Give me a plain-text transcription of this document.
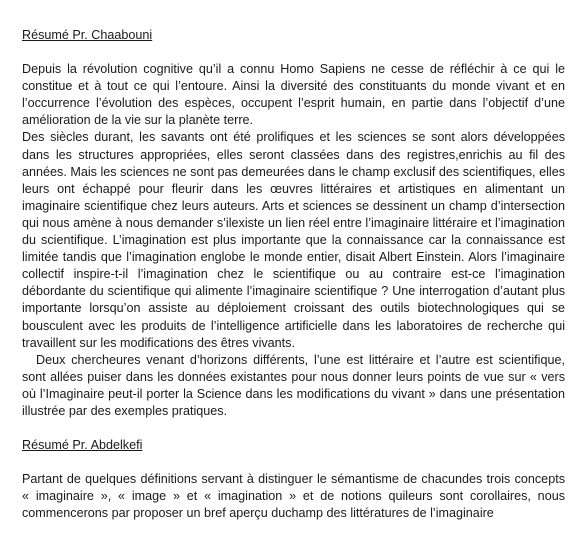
Résumé Pr. Chaabouni

Depuis la révolution cognitive qu’il a connu Homo Sapiens ne cesse de réfléchir à ce qui le constitue et à tout ce qui l’entoure. Ainsi la diversité des constituants du monde vivant et en l’occurrence l’évolution des espèces, occupent l’esprit humain, en partie dans l’objectif d’une amélioration de la vie sur la planète terre.

Des siècles durant, les savants ont été prolifiques et les sciences se sont alors développées dans les structures appropriées, elles seront classées dans des registres,enrichis au fil des années. Mais les sciences ne sont pas demeurées dans le champ exclusif des scientifiques, elles leurs ont échappé pour fleurir dans les œuvres littéraires et artistiques en alimentant un imaginaire scientifique chez leurs auteurs. Arts et sciences se dessinent un champ d’intersection qui nous amène à nous demander s’ilexiste un lien réel entre l’imaginaire littéraire et l’imagination du scientifique. L’imagination est plus importante que la connaissance car la connaissance est limitée tandis que l’imagination englobe le monde entier, disait Albert Einstein. Alors l’imaginaire collectif inspire-t-il l’imagination chez le scientifique ou au contraire est-ce l’imagination débordante du scientifique qui alimente l’imaginaire scientifique ? Une interrogation d’autant plus importante lorsqu’on assiste au déploiement croissant des outils biotechnologiques qui se bousculent avec les produits de l’intelligence artificielle dans les laboratoires de recherche qui travaillent sur les modifications des êtres vivants.

Deux chercheures venant d’horizons différents, l’une est littéraire et l’autre est scientifique, sont allées puiser dans les données existantes pour nous donner leurs points de vue sur « vers où l’Imaginaire peut-il porter la Science dans les modifications du vivant » dans une présentation illustrée par des exemples pratiques.

Résumé Pr. Abdelkefi

Partant de quelques définitions servant à distinguer le sémantisme de chacundes trois concepts « imaginaire », « image » et « imagination » et de notions quileurs sont corollaires, nous commencerons par proposer un bref aperçu duchamp des littératures de l’imaginaire
